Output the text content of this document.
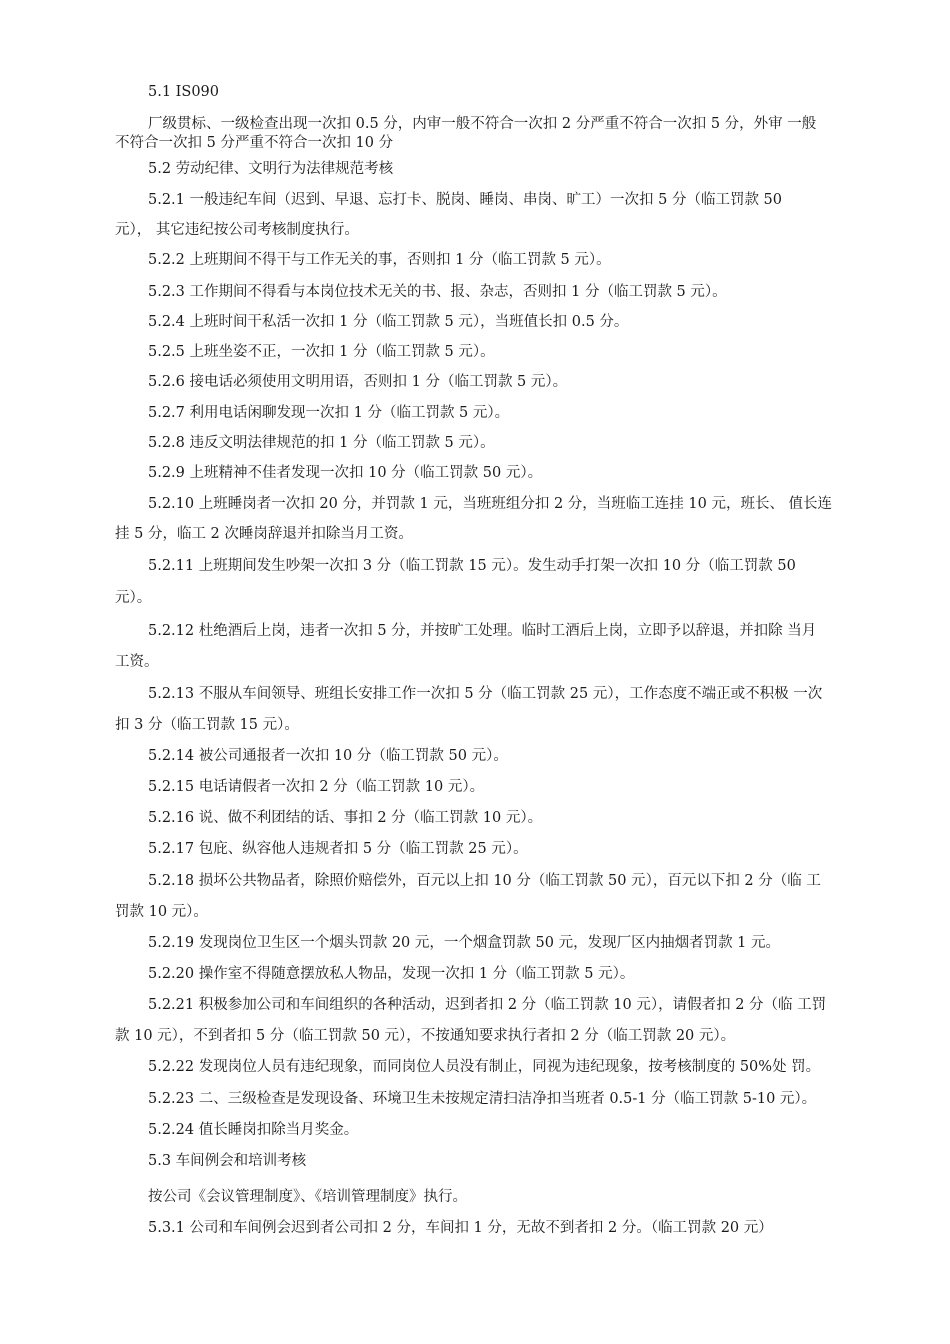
5.1 IS090

厂级贯标、一级检查出现一次扣 0.5 分，内审一般不符合一次扣 2 分严重不符合一次扣 5 分，外审 一般

不符合一次扣 5 分严重不符合一次扣 10 分

5.2 劳动纪律、文明行为法律规范考核

5.2.1 一般违纪车间（迟到、早退、忘打卡、脱岗、睡岗、串岗、旷工）一次扣 5 分（临工罚款 50

元）， 其它违纪按公司考核制度执行。

5.2.2 上班期间不得干与工作无关的事，否则扣 1 分（临工罚款 5 元）。

5.2.3 工作期间不得看与本岗位技术无关的书、报、杂志，否则扣 1 分（临工罚款 5 元）。

5.2.4 上班时间干私活一次扣 1 分（临工罚款 5 元），当班值长扣 0.5 分。

5.2.5 上班坐姿不正，一次扣 1 分（临工罚款 5 元）。

5.2.6 接电话必须使用文明用语，否则扣 1 分（临工罚款 5 元）。

5.2.7 利用电话闲聊发现一次扣 1 分（临工罚款 5 元）。

5.2.8 违反文明法律规范的扣 1 分（临工罚款 5 元）。

5.2.9 上班精神不佳者发现一次扣 10 分（临工罚款 50 元）。

5.2.10 上班睡岗者一次扣 20 分，并罚款 1 元，当班班组分扣 2 分，当班临工连挂 10 元，班长、 值长连

挂 5 分，临工 2 次睡岗辞退并扣除当月工资。

5.2.11 上班期间发生吵架一次扣 3 分（临工罚款 15 元）。发生动手打架一次扣 10 分（临工罚款 50

元）。

5.2.12 杜绝酒后上岗，违者一次扣 5 分，并按旷工处理。临时工酒后上岗，立即予以辞退，并扣除 当月

工资。

5.2.13 不服从车间领导、班组长安排工作一次扣 5 分（临工罚款 25 元），工作态度不端正或不积极 一次

扣 3 分（临工罚款 15 元）。

5.2.14 被公司通报者一次扣 10 分（临工罚款 50 元）。

5.2.15 电话请假者一次扣 2 分（临工罚款 10 元）。

5.2.16 说、做不利团结的话、事扣 2 分（临工罚款 10 元）。

5.2.17 包庇、纵容他人违规者扣 5 分（临工罚款 25 元）。

5.2.18 损坏公共物品者，除照价赔偿外，百元以上扣 10 分（临工罚款 50 元），百元以下扣 2 分（临 工

罚款 10 元）。

5.2.19 发现岗位卫生区一个烟头罚款 20 元，一个烟盒罚款 50 元，发现厂区内抽烟者罚款 1 元。

5.2.20 操作室不得随意摆放私人物品，发现一次扣 1 分（临工罚款 5 元）。

5.2.21 积极参加公司和车间组织的各种活动，迟到者扣 2 分（临工罚款 10 元），请假者扣 2 分（临 工罚

款 10 元），不到者扣 5 分（临工罚款 50 元），不按通知要求执行者扣 2 分（临工罚款 20 元）。

5.2.22 发现岗位人员有违纪现象，而同岗位人员没有制止，同视为违纪现象，按考核制度的 50%处 罚。

5.2.23 二、三级检查是发现设备、环境卫生未按规定清扫洁净扣当班者 0.5-1 分（临工罚款 5-10 元）。

5.2.24 值长睡岗扣除当月奖金。

5.3 车间例会和培训考核

按公司《会议管理制度》、《培训管理制度》执行。

5.3.1 公司和车间例会迟到者公司扣 2 分，车间扣 1 分，无故不到者扣 2 分。（临工罚款 20 元）
